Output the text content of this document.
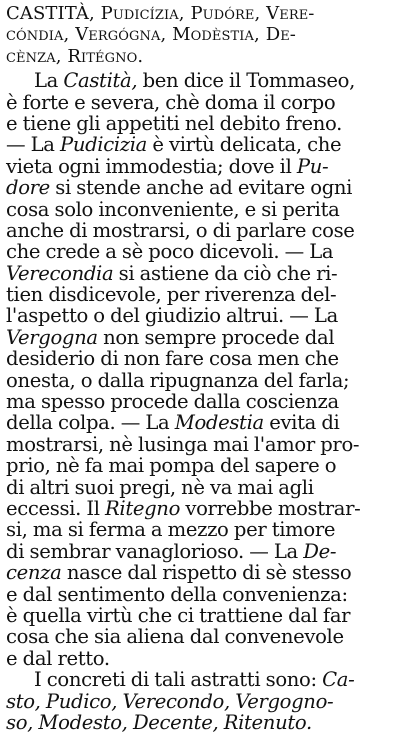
CASTITÀ, Pudicízia, Pudóre, Vere-
cóndia, Vergógna, Modèstia, De-
cènza, Ritégno.
La Castità, ben dice il Tommaseo,
è forte e severa, chè doma il corpo
e tiene gli appetiti nel debito freno.
— La Pudicizia è virtù delicata, che
vieta ogni immodestia; dove il Pu-
dore si stende anche ad evitare ogni
cosa solo inconveniente, e si perita
anche di mostrarsi, o di parlare cose
che crede a sè poco dicevoli. — La
Verecondia si astiene da ciò che ri-
tien disdicevole, per riverenza del-
l'aspetto o del giudizio altrui. — La
Vergogna non sempre procede dal
desiderio di non fare cosa men che
onesta, o dalla ripugnanza del farla;
ma spesso procede dalla coscienza
della colpa. — La Modestia evita di
mostrarsi, nè lusinga mai l'amor pro-
prio, nè fa mai pompa del sapere o
di altri suoi pregi, nè va mai agli
eccessi. Il Ritegno vorrebbe mostrar-
si, ma si ferma a mezzo per timore
di sembrar vanaglorioso. — La De-
cenza nasce dal rispetto di sè stesso
e dal sentimento della convenienza:
è quella virtù che ci trattiene dal far
cosa che sia aliena dal convenevole
e dal retto.
I concreti di tali astratti sono: Ca-
sto, Pudico, Verecondo, Vergogno-
so, Modesto, Decente, Ritenuto.
